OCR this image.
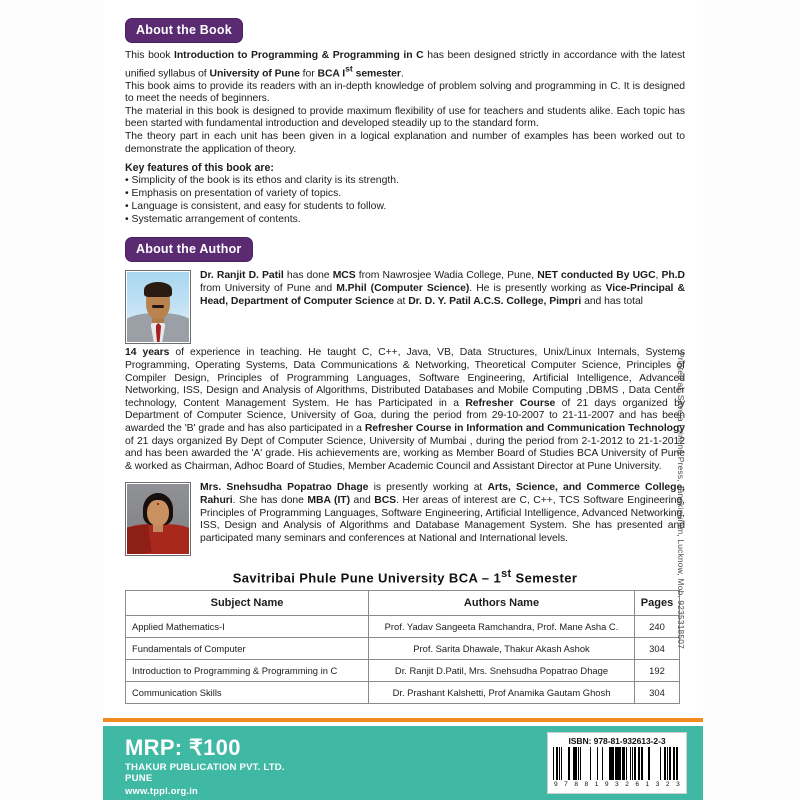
About the Book

This book Introduction to Programming & Programming in C has been designed strictly in accordance with the latest unified syllabus of University of Pune for BCA Ist semester.

This book aims to provide its readers with an in-depth knowledge of problem solving and programming in C. It is designed to meet the needs of beginners.

The material in this book is designed to provide maximum flexibility of use for teachers and students alike. Each topic has been started with fundamental introduction and developed steadily up to the standard form.

The theory part in each unit has been given in a logical explanation and number of examples has been worked out to demonstrate the application of theory.

Key features of this book are:

• Simplicity of the book is its ethos and clarity is its strength.

• Emphasis on presentation of variety of topics.

• Language is consistent, and easy for students to follow.

• Systematic arrangement of contents.

About the Author

Dr. Ranjit D. Patil has done MCS from Nawrosjee Wadia College, Pune, NET conducted By UGC, Ph.D from University of Pune and M.Phil (Computer Science). He is presently working as Vice-Principal & Head, Department of Computer Science at Dr. D. Y. Patil A.C.S. College, Pimpri and has total

14 years of experience in teaching. He taught C, C++, Java, VB, Data Structures, Unix/Linux Internals, Systems Programming, Operating Systems, Data Communications & Networking, Theoretical Computer Science, Principles of Compiler Design, Principles of Programming Languages, Software Engineering, Artificial Intelligence, Advanced Networking, ISS, Design and Analysis of Algorithms, Distributed Databases and Mobile Computing ,DBMS , Data Center technology, Content Management System. He has Participated in a Refresher Course of 21 days organized by Department of Computer Science, University of Goa, during the period from 29-10-2007 to 21-11-2007 and has been awarded the 'B' grade and has also participated in a Refresher Course in Information and Communication Technology of 21 days organized By Dept of Computer Science, University of Mumbai , during the period from 2-1-2012 to 21-1-2012 and has been awarded the 'A' grade. His achievements are, working as Member Board of Studies BCA University of Pune & worked as Chairman, Adhoc Board of Studies, Member Academic Council and Assistant Director at Pune University.

Mrs. Snehsudha Popatrao Dhage is presently working at Arts, Science, and Commerce College, Rahuri. She has done MBA (IT) and BCS. Her areas of interest are C, C++, TCS Software Engineering, Principles of Programming Languages, Software Engineering, Artificial Intelligence, Advanced Networking, ISS, Design and Analysis of Algorithms and Database Management System. She has presented and participated many seminars and conferences at National and International levels.

Savitribai Phule Pune University BCA – 1st Semester
Subject Name	Authors Name	Pages
Applied Mathematics-I	Prof. Yadav Sangeeta Ramchandra, Prof. Mane Asha C.	240
Fundamentals of Computer	Prof. Sarita Dhawale, Thakur Akash Ashok	304
Introduction to Programming & Programming in C	Dr. Ranjit D.Patil, Mrs. Snehsudha Popatrao Dhage	192
Communication Skills	Dr. Prashant Kalshetti, Prof Anamika Gautam Ghosh	304
MRP: ₹100
THAKUR PUBLICATION PVT. LTD.
PUNE
www.tppl.org.in
ISBN: 978-81-932613-2-3
9 7 8 8 1 9 3 2 6 1 3 2 3
Printed at: Saveja Printing Press, Janakipuram, Lucknow, Mob. 9235318507
